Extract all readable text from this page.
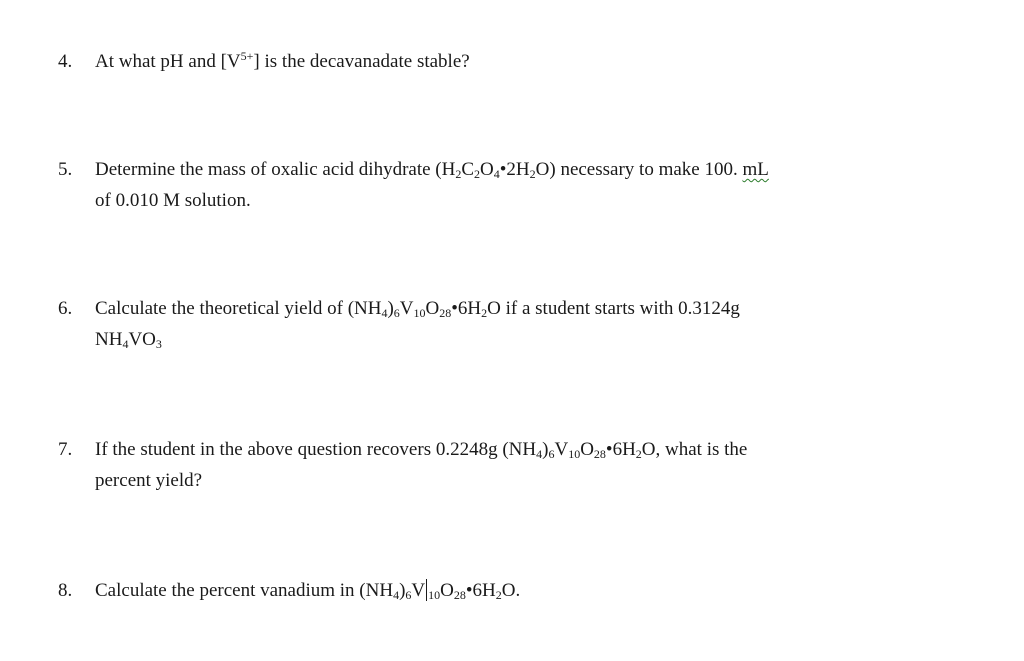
4. At what pH and $[V^{5+}]$ is the decavanadate stable?
5. Determine the mass of oxalic acid dihydrate $(H_2C_2O_4•2H_2O)$ necessary to make 100. mL
of 0.010 M solution.
6. Calculate the theoretical yield of $(NH_4)_6V_{10}O_{28}•6H_2O$ if a student starts with 0.3124g
$NH_4VO_3$
7. If the student in the above question recovers 0.2248g $(NH_4)_6V_{10}O_{28}•6H_2O$, what is the
percent yield?
8. Calculate the percent vanadium in $(NH_4)_6V$ $_{10}O_{28}•6H_2O$.
